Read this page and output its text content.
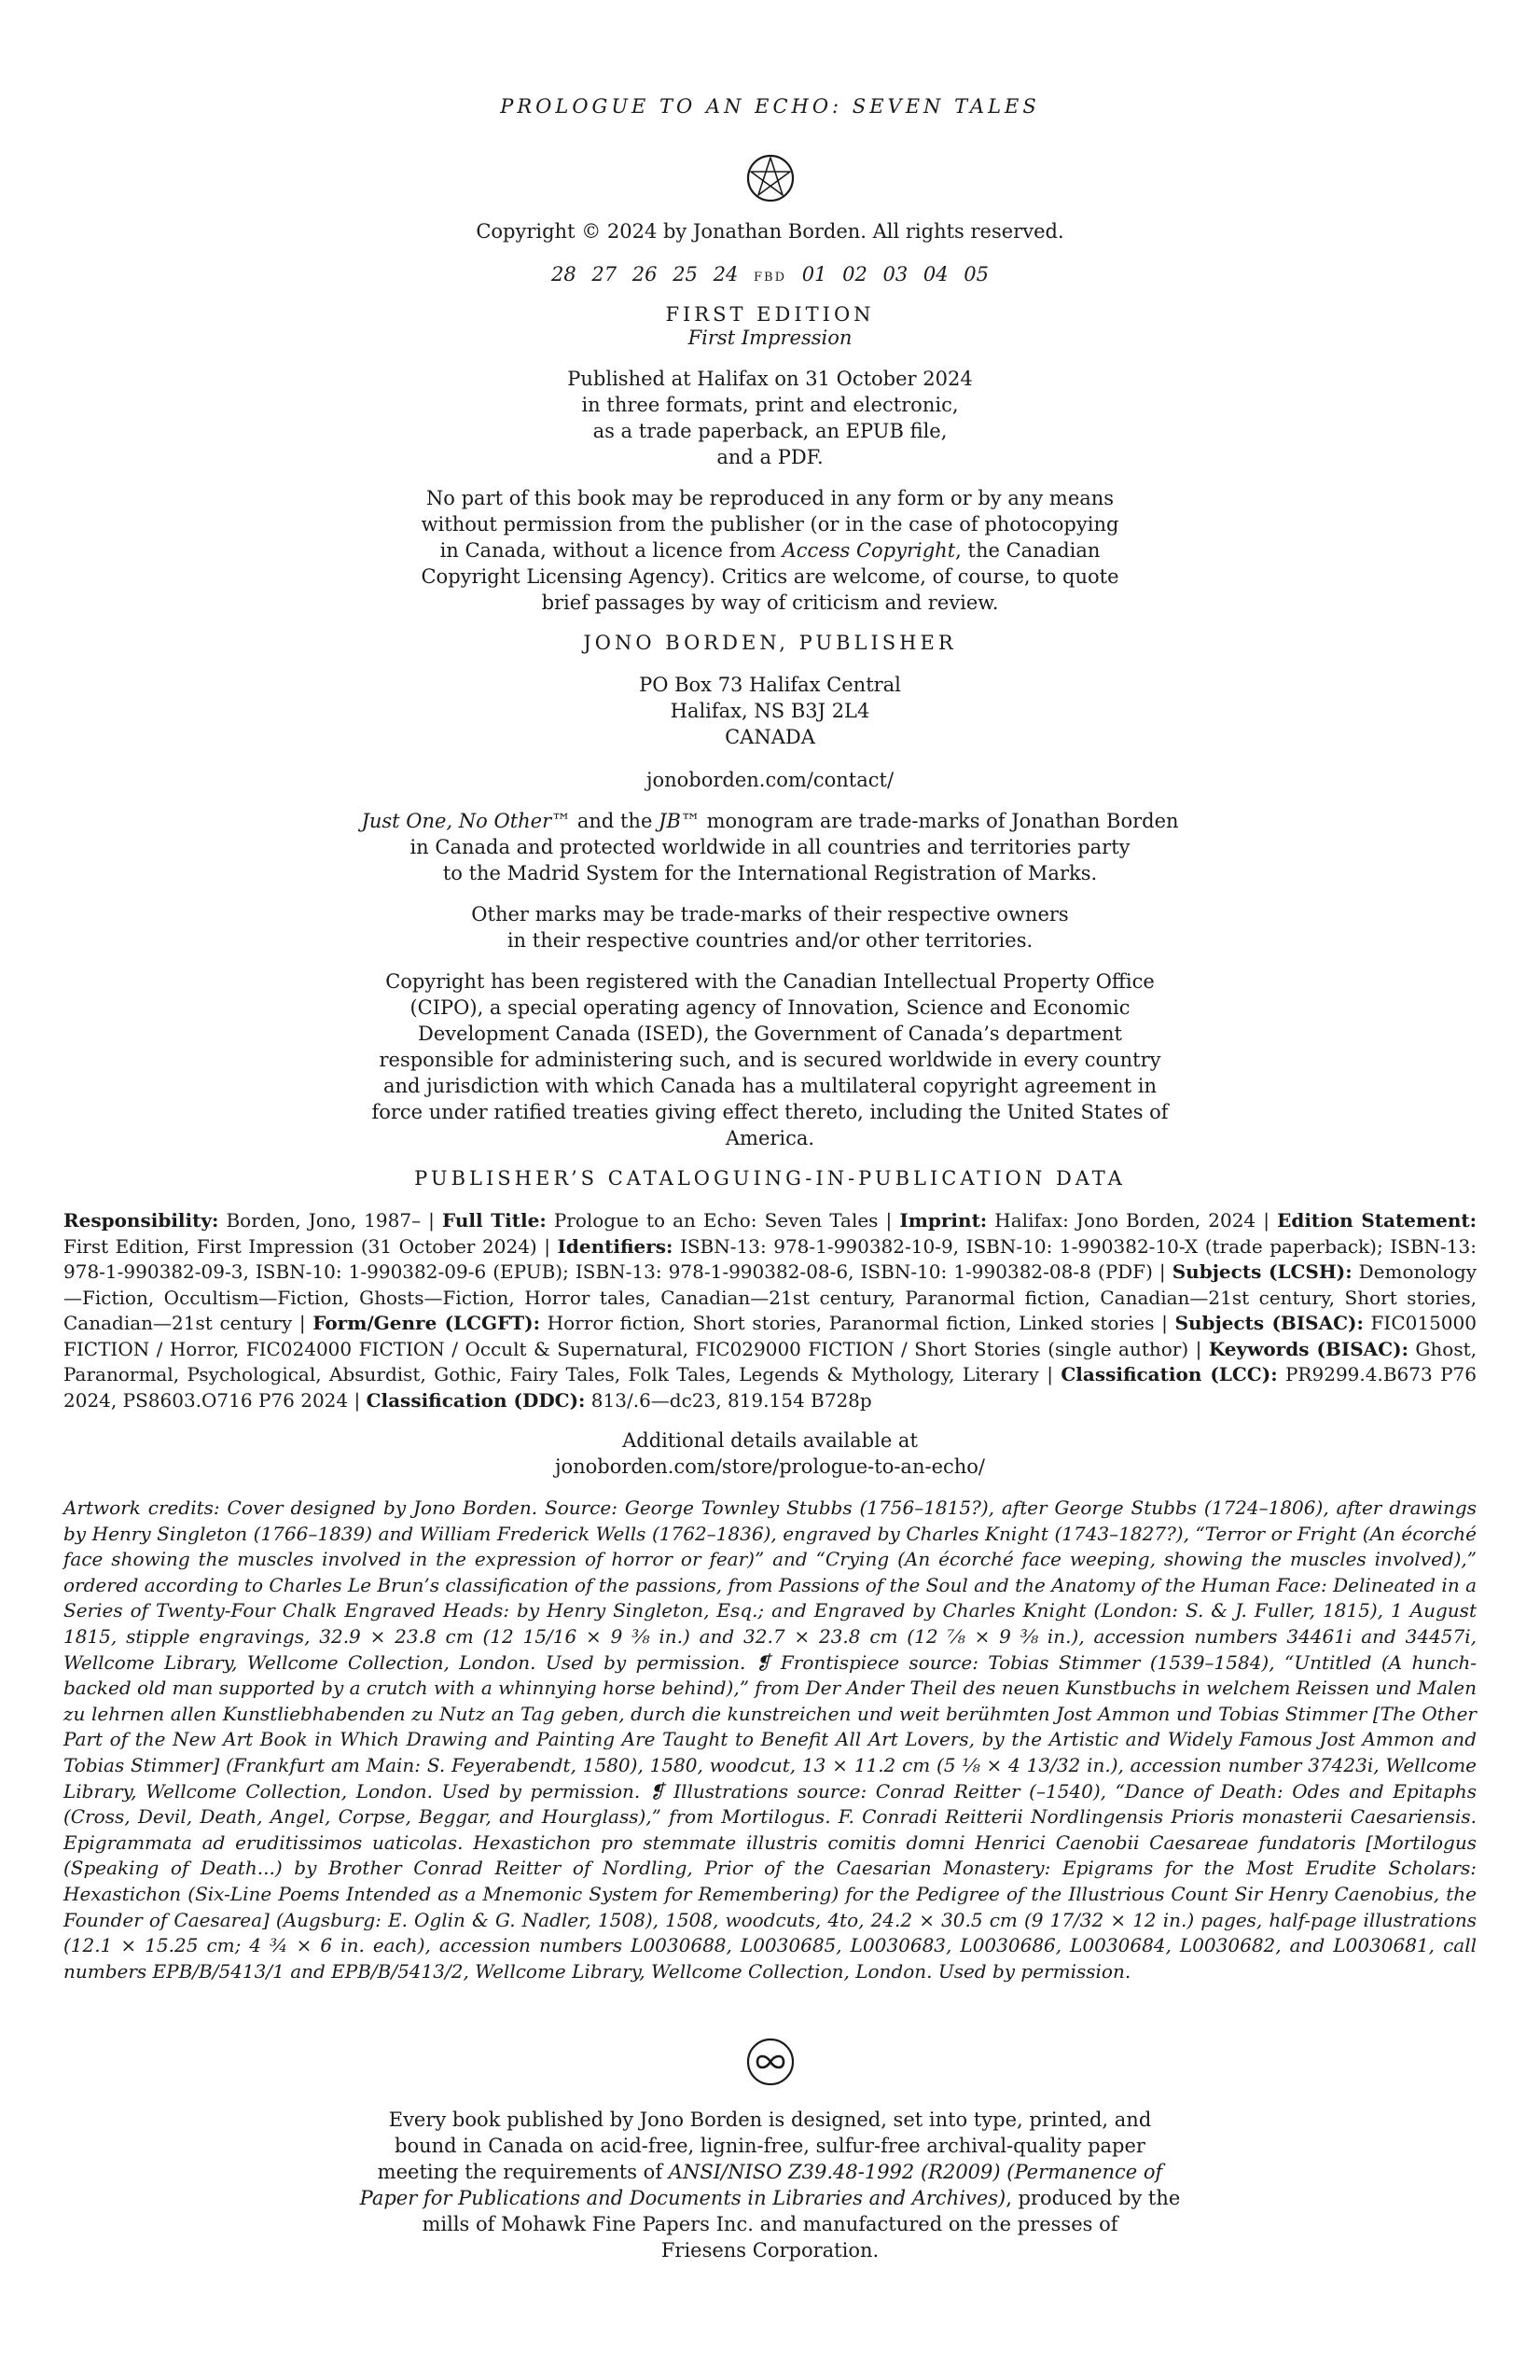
PROLOGUE TO AN ECHO: SEVEN TALES
Copyright © 2024 by Jonathan Borden. All rights reserved.
28 27 26 25 24 FBD 01 02 03 04 05
FIRST EDITION
First Impression
Published at Halifax on 31 October 2024
in three formats, print and electronic,
as a trade paperback, an EPUB file,
and a PDF.
No part of this book may be reproduced in any form or by any means
without permission from the publisher (or in the case of photocopying
in Canada, without a licence from Access Copyright, the Canadian
Copyright Licensing Agency). Critics are welcome, of course, to quote
brief passages by way of criticism and review.
JONO BORDEN, PUBLISHER
PO Box 73 Halifax Central
Halifax, NS B3J 2L4
CANADA
jonoborden.com/contact/
Just One, No Other™ and the JB™ monogram are trade-marks of Jonathan Borden
in Canada and protected worldwide in all countries and territories party
to the Madrid System for the International Registration of Marks.
Other marks may be trade-marks of their respective owners
in their respective countries and/or other territories.
Copyright has been registered with the Canadian Intellectual Property Office
(CIPO), a special operating agency of Innovation, Science and Economic
Development Canada (ISED), the Government of Canada’s department
responsible for administering such, and is secured worldwide in every country
and jurisdiction with which Canada has a multilateral copyright agreement in
force under ratified treaties giving effect thereto, including the United States of
America.
PUBLISHER’S CATALOGUING-IN-PUBLICATION DATA
Responsibility: Borden, Jono, 1987– | Full Title: Prologue to an Echo: Seven Tales | Imprint: Halifax: Jono Borden, 2024 | Edition Statement: First Edition, First Impression (31 October 2024) | Identifiers: ISBN-13: 978-1-990382-10-9, ISBN-10: 1-990382-10-X (trade paperback); ISBN-13: 978-1-990382-09-3, ISBN-10: 1-990382-09-6 (EPUB); ISBN-13: 978-1-990382-08-6, ISBN-10: 1-990382-08-8 (PDF) | Subjects (LCSH): Demonology—Fiction, Occultism—Fiction, Ghosts—Fiction, Horror tales, Canadian—21st century, Paranormal fiction, Canadian—21st century, Short stories, Canadian—21st century | Form/Genre (LCGFT): Horror fiction, Short stories, Paranormal fiction, Linked stories | Subjects (BISAC): FIC015000 FICTION / Horror, FIC024000 FICTION / Occult & Supernatural, FIC029000 FICTION / Short Stories (single author) | Keywords (BISAC): Ghost, Paranormal, Psychological, Absurdist, Gothic, Fairy Tales, Folk Tales, Legends & Mythology, Literary | Classification (LCC): PR9299.4.B673 P76 2024, PS8603.O716 P76 2024 | Classification (DDC): 813/.6—dc23, 819.154 B728p
Additional details available at
jonoborden.com/store/prologue-to-an-echo/
Artwork credits: Cover designed by Jono Borden. Source: George Townley Stubbs (1756–1815?), after George Stubbs (1724–1806), after drawings by Henry Singleton (1766–1839) and William Frederick Wells (1762–1836), engraved by Charles Knight (1743–1827?), “Terror or Fright (An écorché face showing the muscles involved in the expression of horror or fear)” and “Crying (An écorché face weeping, showing the muscles involved),” ordered according to Charles Le Brun’s classification of the passions, from Passions of the Soul and the Anatomy of the Human Face: Delineated in a Series of Twenty-Four Chalk Engraved Heads: by Henry Singleton, Esq.; and Engraved by Charles Knight (London: S. & J. Fuller, 1815), 1 August 1815, stipple engravings, 32.9 × 23.8 cm (12 15/16 × 9 ⅜ in.) and 32.7 × 23.8 cm (12 ⅞ × 9 ⅜ in.), accession numbers 34461i and 34457i, Wellcome Library, Wellcome Collection, London. Used by permission. ❡ Frontispiece source: Tobias Stimmer (1539–1584), “Untitled (A hunch-backed old man supported by a crutch with a whinnying horse behind),” from Der Ander Theil des neuen Kunstbuchs in welchem Reissen und Malen zu lehrnen allen Kunstliebhabenden zu Nutz an Tag geben, durch die kunstreichen und weit berühmten Jost Ammon und Tobias Stimmer [The Other Part of the New Art Book in Which Drawing and Painting Are Taught to Benefit All Art Lovers, by the Artistic and Widely Famous Jost Ammon and Tobias Stimmer] (Frankfurt am Main: S. Feyerabendt, 1580), 1580, woodcut, 13 × 11.2 cm (5 ⅛ × 4 13/32 in.), accession number 37423i, Wellcome Library, Wellcome Collection, London. Used by permission. ❡ Illustrations source: Conrad Reitter (–1540), “Dance of Death: Odes and Epitaphs (Cross, Devil, Death, Angel, Corpse, Beggar, and Hourglass),” from Mortilogus. F. Conradi Reitterii Nordlingensis Prioris monasterii Caesariensis. Epigrammata ad eruditissimos uaticolas. Hexastichon pro stemmate illustris comitis domni Henrici Caenobii Caesareae fundatoris [Mortilogus (Speaking of Death...) by Brother Conrad Reitter of Nordling, Prior of the Caesarian Monastery: Epigrams for the Most Erudite Scholars: Hexastichon (Six-Line Poems Intended as a Mnemonic System for Remembering) for the Pedigree of the Illustrious Count Sir Henry Caenobius, the Founder of Caesarea] (Augsburg: E. Oglin & G. Nadler, 1508), 1508, woodcuts, 4to, 24.2 × 30.5 cm (9 17/32 × 12 in.) pages, half-page illustrations (12.1 × 15.25 cm; 4 ¾ × 6 in. each), accession numbers L0030688, L0030685, L0030683, L0030686, L0030684, L0030682, and L0030681, call numbers EPB/B/5413/1 and EPB/B/5413/2, Wellcome Library, Wellcome Collection, London. Used by permission.
Every book published by Jono Borden is designed, set into type, printed, and
bound in Canada on acid-free, lignin-free, sulfur-free archival-quality paper
meeting the requirements of ANSI/NISO Z39.48-1992 (R2009) (Permanence of
Paper for Publications and Documents in Libraries and Archives), produced by the
mills of Mohawk Fine Papers Inc. and manufactured on the presses of
Friesens Corporation.
